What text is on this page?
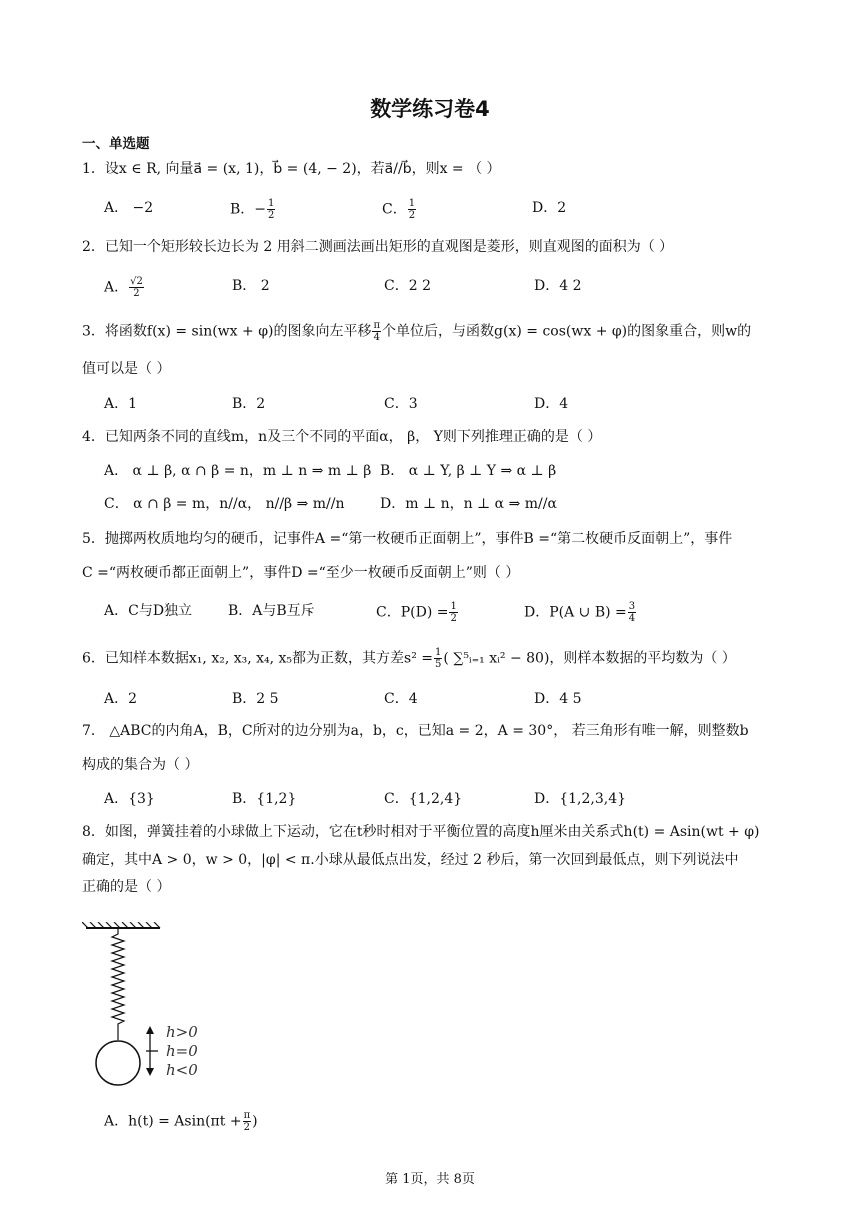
数学练习卷4
一、单选题
1．设x ∈ R, 向量a⃗ = (x, 1)，b⃗ = (4, − 2)，若a⃗//b⃗，则x = （ ）
A． −2	B．− $\frac{1}{2}$	C． $\frac{1}{2}$	D．2
2．已知一个矩形较长边长为 2 用斜二测画法画出矩形的直观图是菱形，则直观图的面积为（ ）
A． $\frac{√2}{2}$	B． 2	C．2 2	D．4 2
3．将函数f(x) = sin(wx + φ)的图象向左平移 $\frac{\pi}{4}$ 个单位后，与函数g(x) = cos(wx + φ)的图象重合，则w的
值可以是（ ）
A．1	B．2	C．3	D．4
4．已知两条不同的直线m，n及三个不同的平面α， β， Y则下列推理正确的是（ ）
A． α ⊥ β, α ∩ β = n，m ⊥ n ⇒ m ⊥ β B． α ⊥ Y, β ⊥ Y ⇒ α ⊥ β
C． α ∩ β = m，n//α， n//β ⇒ m//n	D．m ⊥ n，n ⊥ α ⇒ m//α
5．抛掷两枚质地均匀的硬币，记事件A =“第一枚硬币正面朝上”，事件B =“第二枚硬币反面朝上”，事件
C =“两枚硬币都正面朝上”，事件D =“至少一枚硬币反面朝上”则（ ）
A．C与D独立	B．A与B互斥	C．$P(D) = \frac{1}{2}$	D．P(A ∪ $B) = \frac{3}{4}$
6．已知样本数据x₁, x₂, x₃, x₄, x₅都为正数，其方差$s^2 = \frac{1}{5}$ ( ∑⁵ᵢ₌₁ xᵢ² − 80)，则样本数据的平均数为（ ）
A．2	B．2 5	C．4	D．4 5
7． △ABC的内角A，B，C所对的边分别为a，b，c，已知a = 2，A = 30°， 若三角形有唯一解，则整数b
构成的集合为（ ）
A．{3}	B．{1,2}	C．{1,2,4}	D．{1,2,3,4}
8．如图，弹簧挂着的小球做上下运动，它在t秒时相对于平衡位置的高度h厘米由关系式h(t) = Asin(wt + φ)
确定，其中A > 0，w > 0，|φ| < π.小球从最低点出发，经过 2 秒后，第一次回到最低点，则下列说法中
正确的是（ ）
h>0
h=0
h<0
A．$h(t) = Asin(\pi t + \frac{\pi}{2}$ )
第 1页，共 8页
